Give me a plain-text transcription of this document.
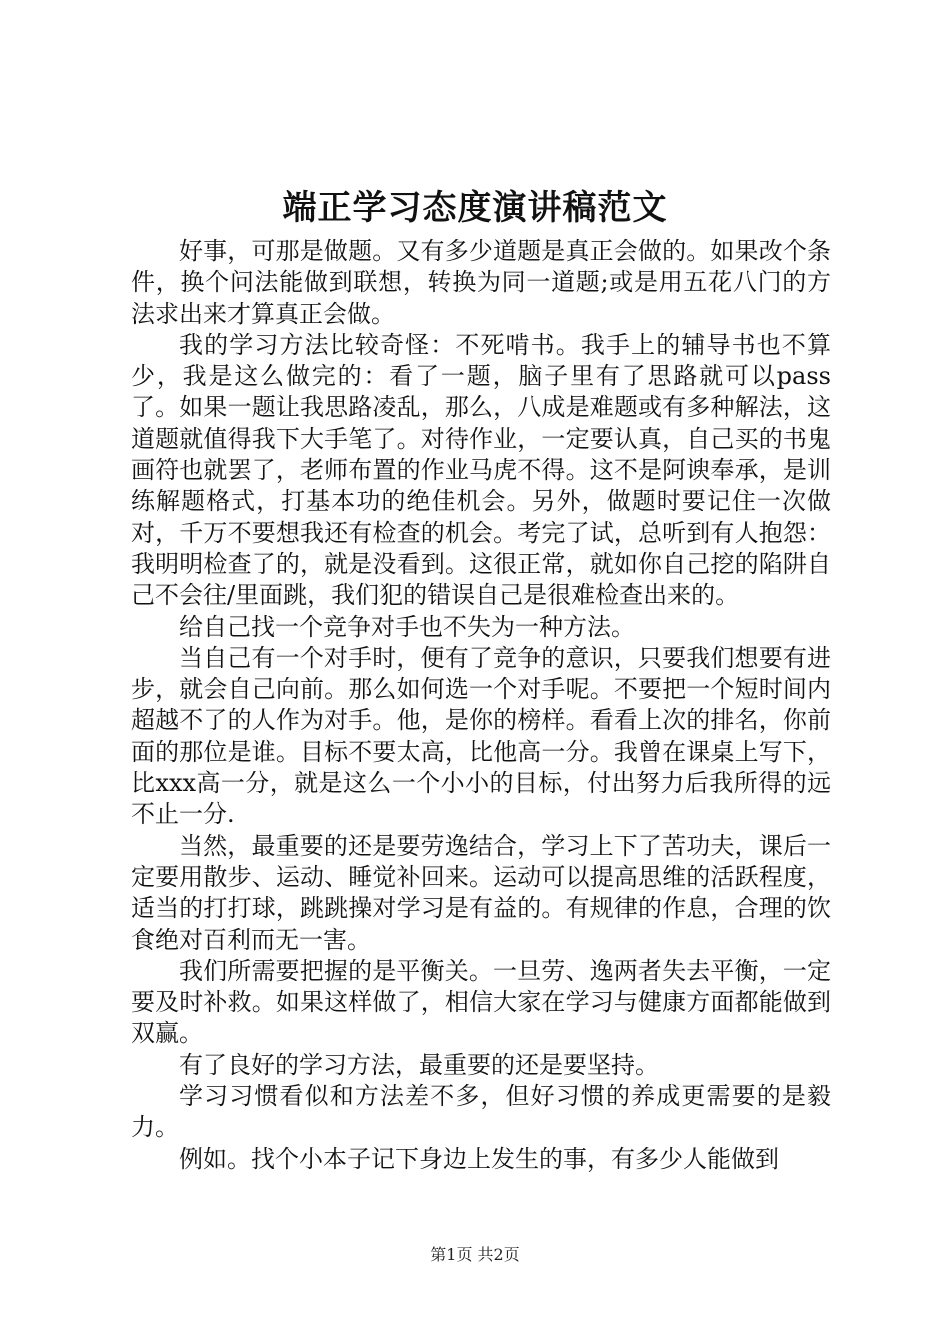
端正学习态度演讲稿范文

好事，可那是做题。又有多少道题是真正会做的。如果改个条件，换个问法能做到联想，转换为同一道题;或是用五花八门的方法求出来才算真正会做。

我的学习方法比较奇怪：不死啃书。我手上的辅导书也不算少，我是这么做完的：看了一题，脑子里有了思路就可以pass了。如果一题让我思路凌乱，那么，八成是难题或有多种解法，这道题就值得我下大手笔了。对待作业，一定要认真，自己买的书鬼画符也就罢了，老师布置的作业马虎不得。这不是阿谀奉承，是训练解题格式，打基本功的绝佳机会。另外，做题时要记住一次做对，千万不要想我还有检查的机会。考完了试，总听到有人抱怨：我明明检查了的，就是没看到。这很正常，就如你自己挖的陷阱自己不会往/里面跳，我们犯的错误自己是很难检查出来的。

给自己找一个竞争对手也不失为一种方法。

当自己有一个对手时，便有了竞争的意识，只要我们想要有进步，就会自己向前。那么如何选一个对手呢。不要把一个短时间内超越不了的人作为对手。他，是你的榜样。看看上次的排名，你前面的那位是谁。目标不要太高，比他高一分。我曾在课桌上写下，比xxx高一分，就是这么一个小小的目标，付出努力后我所得的远不止一分.

当然，最重要的还是要劳逸结合，学习上下了苦功夫，课后一定要用散步、运动、睡觉补回来。运动可以提高思维的活跃程度，适当的打打球，跳跳操对学习是有益的。有规律的作息，合理的饮食绝对百利而无一害。

我们所需要把握的是平衡关。一旦劳、逸两者失去平衡，一定要及时补救。如果这样做了，相信大家在学习与健康方面都能做到双赢。

有了良好的学习方法，最重要的还是要坚持。

学习习惯看似和方法差不多，但好习惯的养成更需要的是毅力。

例如。找个小本子记下身边上发生的事，有多少人能做到

第1页 共2页
